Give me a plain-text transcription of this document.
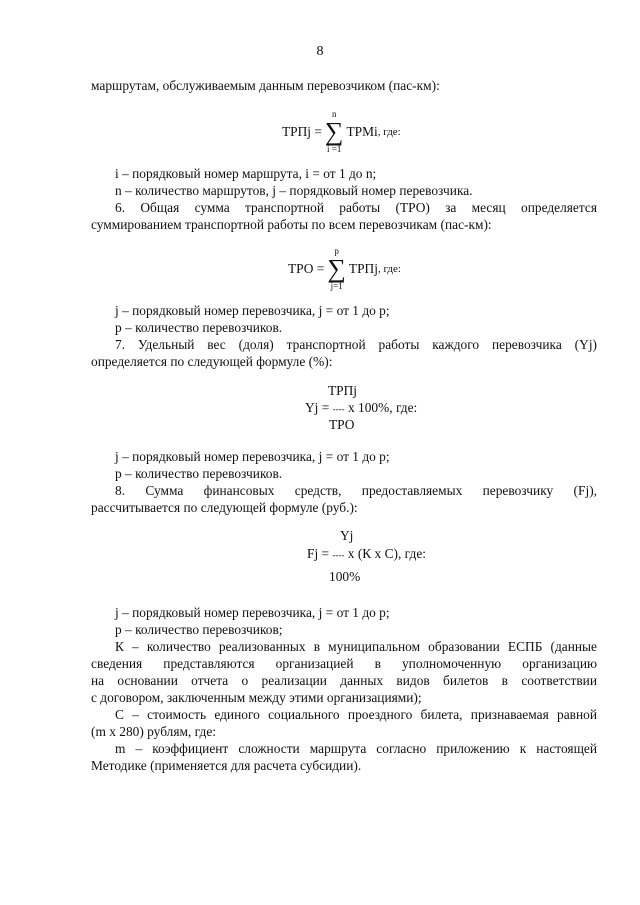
8
маршрутам, обслуживаемым данным перевозчиком (пас-км):
ТРПj =
n
∑
i =1
ТРМi , где:
i – порядковый номер маршрута, i = от 1 до n;
n – количество маршрутов, j – порядковый номер перевозчика.
6. Общая сумма транспортной работы (ТРО) за месяц определяется
суммированием транспортной работы по всем перевозчикам (пас-км):
ТРО =
p
∑
j=1
ТРПj , где:
j – порядковый номер перевозчика, j = от 1 до p;
p – количество перевозчиков.
7. Удельный вес (доля) транспортной работы каждого перевозчика (Yj)
определяется по следующей формуле (%):
ТРПj
Yj = ---- x 100%, где:
ТРО
j – порядковый номер перевозчика, j = от 1 до p;
p – количество перевозчиков.
8. Сумма финансовых средств, предоставляемых перевозчику (Fj),
рассчитывается по следующей формуле (руб.):
Yj
Fj = ---- x (К x С), где:
100%
j – порядковый номер перевозчика, j = от 1 до p;
p – количество перевозчиков;
К – количество реализованных в муниципальном образовании ЕСПБ (данные
сведения представляются организацией в уполномоченную организацию
на основании отчета о реализации данных видов билетов в соответствии
с договором, заключенным между этими организациями);
С – стоимость единого социального проездного билета, признаваемая равной
(m x 280) рублям, где:
m – коэффициент сложности маршрута согласно приложению к настоящей
Методике (применяется для расчета субсидии).
